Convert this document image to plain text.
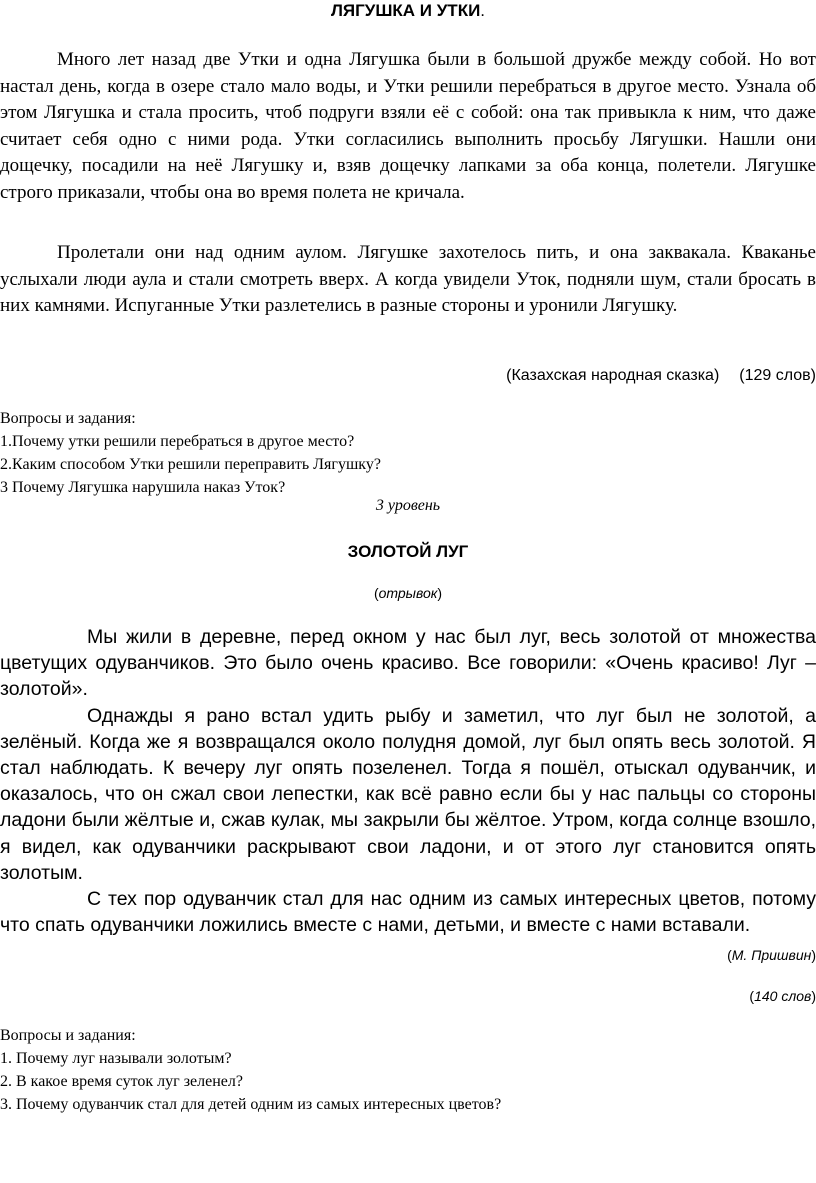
ЛЯГУШКА И УТКИ.

Много лет назад две Утки и одна Лягушка были в большой дружбе между собой. Но вот настал день, когда в озере стало мало воды, и Утки решили перебраться в другое место. Узнала об этом Лягушка и стала просить, чтоб подруги взяли её с собой: она так привыкла к ним, что даже считает себя одно с ними рода. Утки согласились выполнить просьбу Лягушки. Нашли они дощечку, посадили на неё Лягушку и, взяв дощечку лапками за оба конца, полетели. Лягушке строго приказали, чтобы она во время полета не кричала.

Пролетали они над одним аулом. Лягушке захотелось пить, и она заквакала. Кваканье услыхали люди аула и стали смотреть вверх. А когда увидели Уток, подняли шум, стали бросать в них камнями. Испуганные Утки разлетелись в разные стороны и уронили Лягушку.

(Казахская народная сказка) (129 слов)
Вопросы и задания:
1.Почему утки решили перебраться в другое место?
2.Каким способом Утки решили переправить Лягушку?
3 Почему Лягушка нарушила наказ Уток?
3 уровень
ЗОЛОТОЙ ЛУГ
(отрывок)

Мы жили в деревне, перед окном у нас был луг, весь золотой от множества цветущих одуванчиков. Это было очень красиво. Все говорили: «Очень красиво! Луг – золотой».

Однажды я рано встал удить рыбу и заметил, что луг был не золотой, а зелёный. Когда же я возвращался около полудня домой, луг был опять весь золотой. Я стал наблюдать. К вечеру луг опять позеленел. Тогда я пошёл, отыскал одуванчик, и оказалось, что он сжал свои лепестки, как всё равно если бы у нас пальцы со стороны ладони были жёлтые и, сжав кулак, мы закрыли бы жёлтое. Утром, когда солнце взошло, я видел, как одуванчики раскрывают свои ладони, и от этого луг становится опять золотым.

С тех пор одуванчик стал для нас одним из самых интересных цветов, потому что спать одуванчики ложились вместе с нами, детьми, и вместе с нами вставали.

(М. Пришвин)
(140 слов)
Вопросы и задания:
1. Почему луг называли золотым?
2. В какое время суток луг зеленел?
3. Почему одуванчик стал для детей одним из самых интересных цветов?
